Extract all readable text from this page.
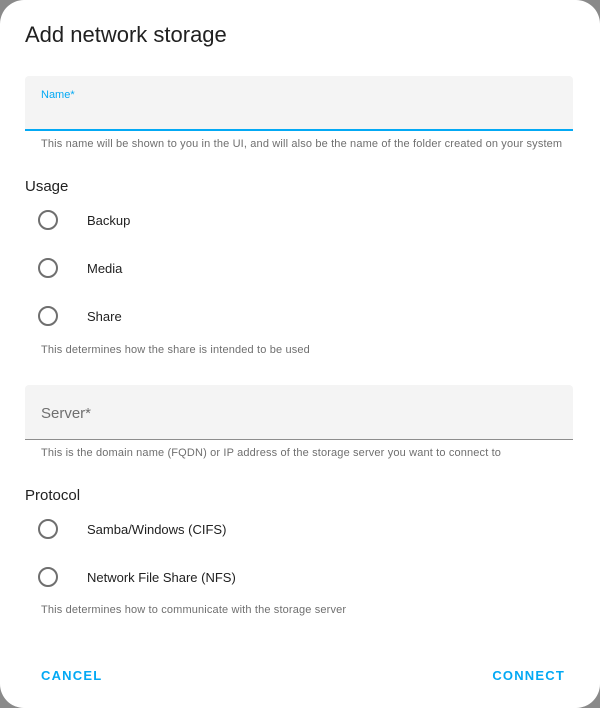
Add network storage
Name*
This name will be shown to you in the UI, and will also be the name of the folder created on your system
Usage
Backup
Media
Share
This determines how the share is intended to be used
Server*
This is the domain name (FQDN) or IP address of the storage server you want to connect to
Protocol
Samba/Windows (CIFS)
Network File Share (NFS)
This determines how to communicate with the storage server
CANCEL	CONNECT
